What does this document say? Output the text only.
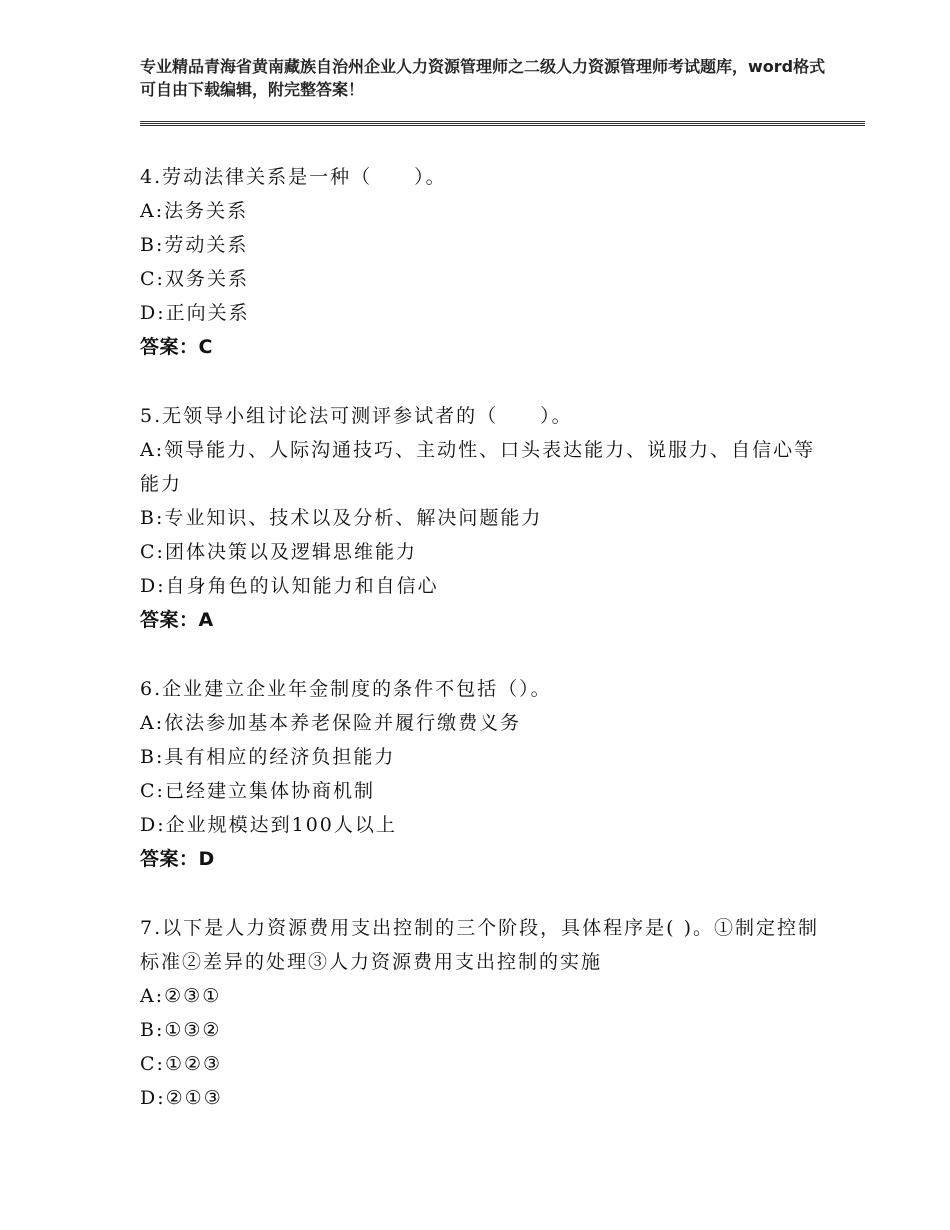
专业精品青海省黄南藏族自治州企业人力资源管理师之二级人力资源管理师考试题库，word格式可自由下载编辑，附完整答案！

4.劳动法律关系是一种（　　）。

A:法务关系

B:劳动关系

C:双务关系

D:正向关系

答案：C

5.无领导小组讨论法可测评参试者的（　　）。

A:领导能力、人际沟通技巧、主动性、口头表达能力、说服力、自信心等能力

B:专业知识、技术以及分析、解决问题能力

C:团体决策以及逻辑思维能力

D:自身角色的认知能力和自信心

答案：A

6.企业建立企业年金制度的条件不包括（）。

A:依法参加基本养老保险并履行缴费义务

B:具有相应的经济负担能力

C:已经建立集体协商机制

D:企业规模达到100人以上

答案：D

7.以下是人力资源费用支出控制的三个阶段，具体程序是( )。①制定控制标准②差异的处理③人力资源费用支出控制的实施

A:②③①

B:①③②

C:①②③

D:②①③
